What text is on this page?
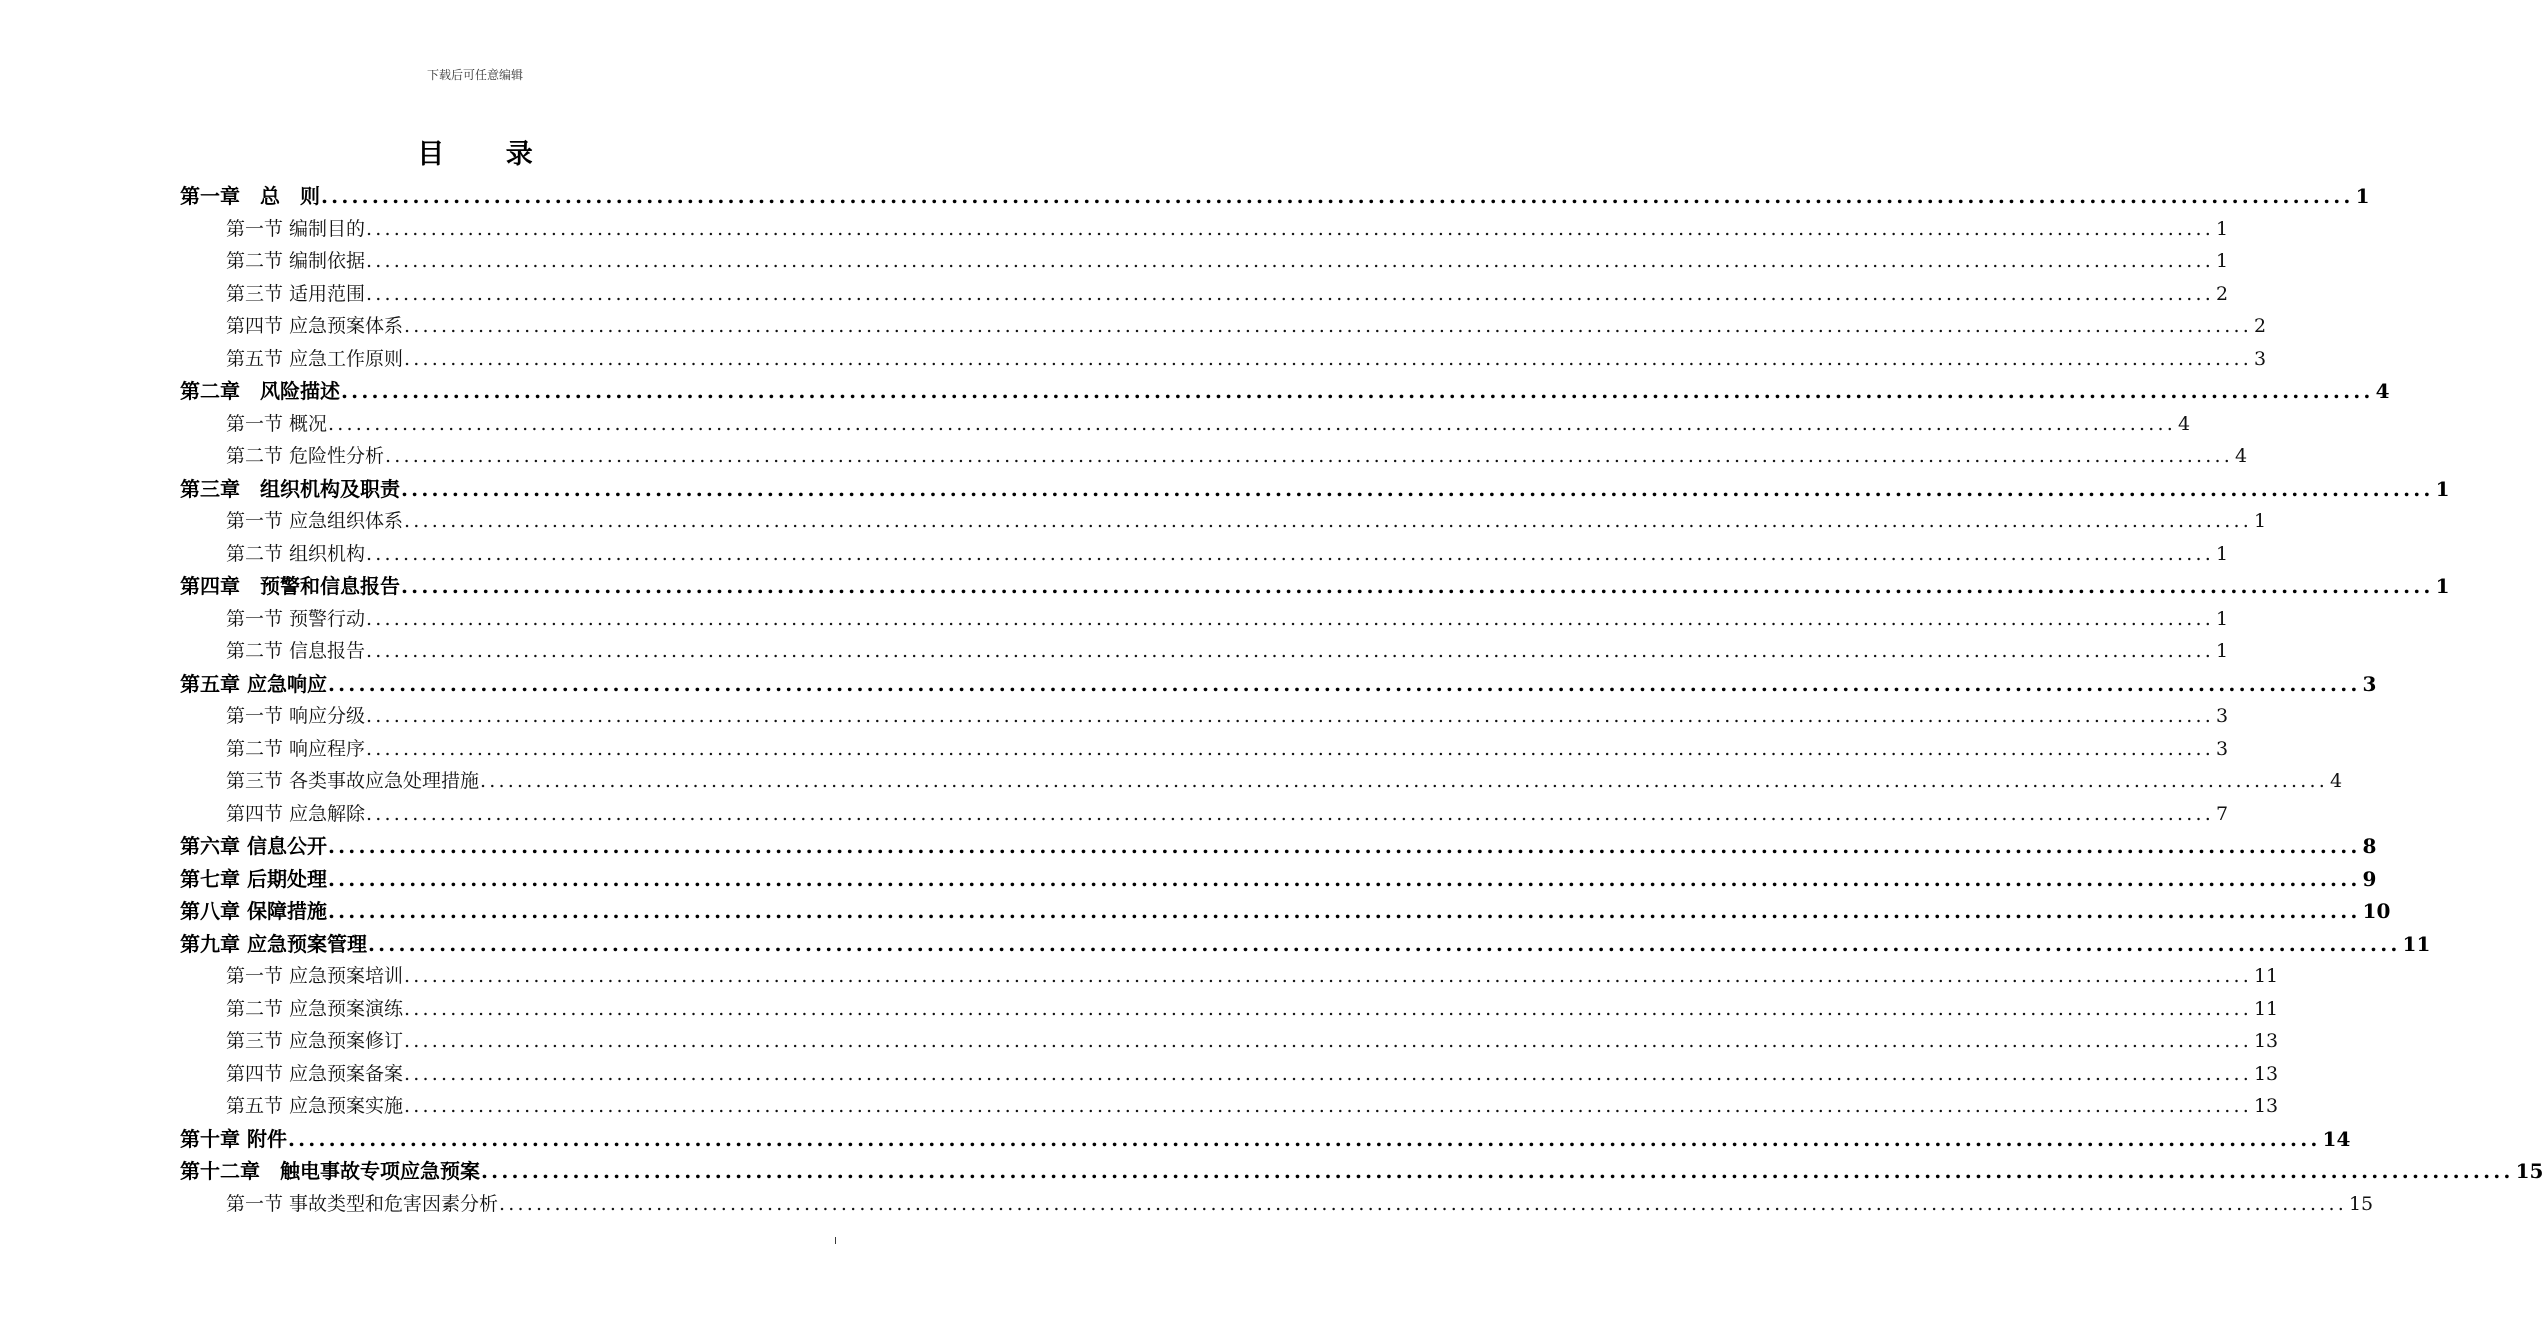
下载后可任意编辑
目 录
第一章　总　则 ........................................................................................................................................................................................................ 1
第一节 编制目的 ........................................................................................................................................................................................................ 1
第二节 编制依据 ........................................................................................................................................................................................................ 1
第三节 适用范围 ........................................................................................................................................................................................................ 2
第四节 应急预案体系 ........................................................................................................................................................................................................ 2
第五节 应急工作原则 ........................................................................................................................................................................................................ 3
第二章　风险描述 ........................................................................................................................................................................................................ 4
第一节 概况 ........................................................................................................................................................................................................ 4
第二节 危险性分析 ........................................................................................................................................................................................................ 4
第三章　组织机构及职责 ........................................................................................................................................................................................................ 1
第一节 应急组织体系 ........................................................................................................................................................................................................ 1
第二节 组织机构 ........................................................................................................................................................................................................ 1
第四章　预警和信息报告 ........................................................................................................................................................................................................ 1
第一节 预警行动 ........................................................................................................................................................................................................ 1
第二节 信息报告 ........................................................................................................................................................................................................ 1
第五章 应急响应 ........................................................................................................................................................................................................ 3
第一节 响应分级 ........................................................................................................................................................................................................ 3
第二节 响应程序 ........................................................................................................................................................................................................ 3
第三节 各类事故应急处理措施 ........................................................................................................................................................................................................ 4
第四节 应急解除 ........................................................................................................................................................................................................ 7
第六章 信息公开 ........................................................................................................................................................................................................ 8
第七章 后期处理 ........................................................................................................................................................................................................ 9
第八章 保障措施 ........................................................................................................................................................................................................ 10
第九章 应急预案管理 ........................................................................................................................................................................................................ 11
第一节 应急预案培训 ........................................................................................................................................................................................................ 11
第二节 应急预案演练 ........................................................................................................................................................................................................ 11
第三节 应急预案修订 ........................................................................................................................................................................................................ 13
第四节 应急预案备案 ........................................................................................................................................................................................................ 13
第五节 应急预案实施 ........................................................................................................................................................................................................ 13
第十章 附件 ........................................................................................................................................................................................................ 14
第十二章　触电事故专项应急预案 ........................................................................................................................................................................................................ 15
第一节 事故类型和危害因素分析 ........................................................................................................................................................................................................ 15
I
